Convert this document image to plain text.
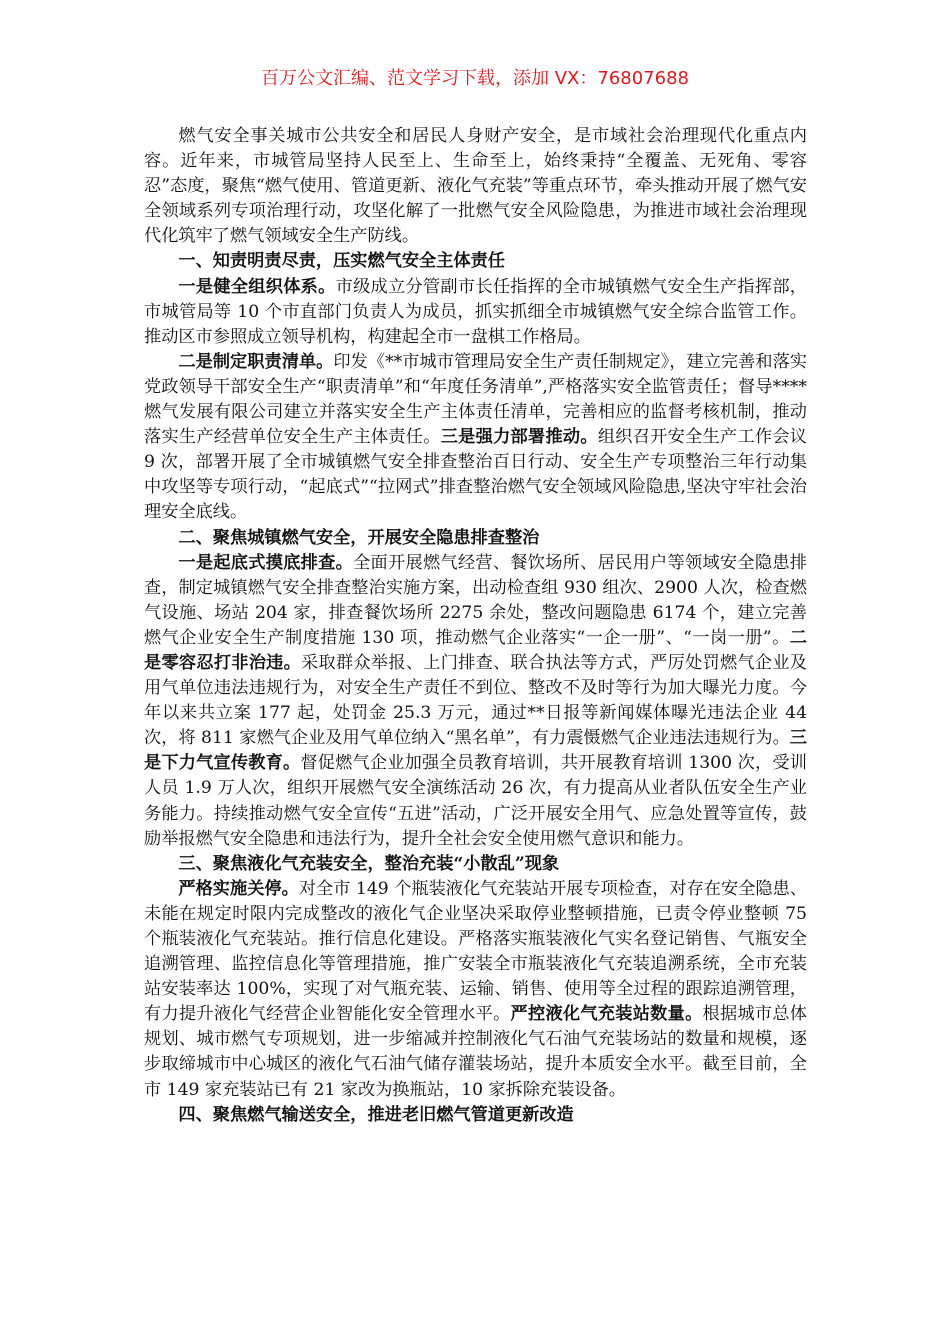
百万公文汇编、范文学习下载，添加 VX：76807688

燃气安全事关城市公共安全和居民人身财产安全，是市域社会治理现代化重点内容。近年来，市城管局坚持人民至上、生命至上，始终秉持“全覆盖、无死角、零容忍”态度，聚焦“燃气使用、管道更新、液化气充装”等重点环节，牵头推动开展了燃气安全领域系列专项治理行动，攻坚化解了一批燃气安全风险隐患，为推进市域社会治理现代化筑牢了燃气领域安全生产防线。

一、知责明责尽责，压实燃气安全主体责任

一是健全组织体系。市级成立分管副市长任指挥的全市城镇燃气安全生产指挥部，市城管局等 10 个市直部门负责人为成员，抓实抓细全市城镇燃气安全综合监管工作。推动区市参照成立领导机构，构建起全市一盘棋工作格局。

二是制定职责清单。印发《**市城市管理局安全生产责任制规定》，建立完善和落实党政领导干部安全生产“职责清单”和“年度任务清单”,严格落实安全监管责任；督导****燃气发展有限公司建立并落实安全生产主体责任清单，完善相应的监督考核机制，推动落实生产经营单位安全生产主体责任。三是强力部署推动。组织召开安全生产工作会议 9 次，部署开展了全市城镇燃气安全排查整治百日行动、安全生产专项整治三年行动集中攻坚等专项行动，“起底式”“拉网式”排查整治燃气安全领域风险隐患,坚决守牢社会治理安全底线。

二、聚焦城镇燃气安全，开展安全隐患排查整治

一是起底式摸底排查。全面开展燃气经营、餐饮场所、居民用户等领域安全隐患排查，制定城镇燃气安全排查整治实施方案，出动检查组 930 组次、2900 人次，检查燃气设施、场站 204 家，排查餐饮场所 2275 余处，整改问题隐患 6174 个，建立完善燃气企业安全生产制度措施 130 项，推动燃气企业落实“一企一册”、“一岗一册”。二是零容忍打非治违。采取群众举报、上门排查、联合执法等方式，严厉处罚燃气企业及用气单位违法违规行为，对安全生产责任不到位、整改不及时等行为加大曝光力度。今年以来共立案 177 起，处罚金 25.3 万元，通过**日报等新闻媒体曝光违法企业 44 次，将 811 家燃气企业及用气单位纳入“黑名单”，有力震慑燃气企业违法违规行为。三是下力气宣传教育。督促燃气企业加强全员教育培训，共开展教育培训 1300 次，受训人员 1.9 万人次，组织开展燃气安全演练活动 26 次，有力提高从业者队伍安全生产业务能力。持续推动燃气安全宣传“五进”活动，广泛开展安全用气、应急处置等宣传，鼓励举报燃气安全隐患和违法行为，提升全社会安全使用燃气意识和能力。

三、聚焦液化气充装安全，整治充装“小散乱”现象

严格实施关停。对全市 149 个瓶装液化气充装站开展专项检查，对存在安全隐患、未能在规定时限内完成整改的液化气企业坚决采取停业整顿措施，已责令停业整顿 75 个瓶装液化气充装站。推行信息化建设。严格落实瓶装液化气实名登记销售、气瓶安全追溯管理、监控信息化等管理措施，推广安装全市瓶装液化气充装追溯系统，全市充装站安装率达 100%，实现了对气瓶充装、运输、销售、使用等全过程的跟踪追溯管理，有力提升液化气经营企业智能化安全管理水平。严控液化气充装站数量。根据城市总体规划、城市燃气专项规划，进一步缩减并控制液化气石油气充装场站的数量和规模，逐步取缔城市中心城区的液化气石油气储存灌装场站，提升本质安全水平。截至目前，全市 149 家充装站已有 21 家改为换瓶站，10 家拆除充装设备。

四、聚焦燃气输送安全，推进老旧燃气管道更新改造
